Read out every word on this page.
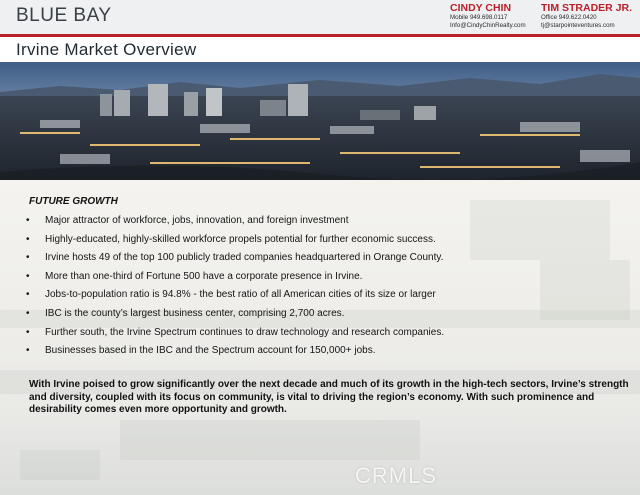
BLUE BAY	CINDY CHIN
Mobile 949.698.0117
Info@CindyChinRealty.com
TIM STRADER JR.
Office 949.622.0420
tj@starpointeventures.com
Irvine Market Overview
FUTURE GROWTH
• Major attractor of workforce, jobs, innovation, and foreign investment
• Highly-educated, highly-skilled workforce propels potential for further economic success.
• Irvine hosts 49 of the top 100 publicly traded companies headquartered in Orange County.
• More than one-third of Fortune 500 have a corporate presence in Irvine.
• Jobs-to-population ratio is 94.8% - the best ratio of all American cities of its size or larger
• IBC is the county’s largest business center, comprising 2,700 acres.
• Further south, the Irvine Spectrum continues to draw technology and research companies.
• Businesses based in the IBC and the Spectrum account for 150,000+ jobs.

With Irvine poised to grow significantly over the next decade and much of its growth in the high-tech sectors, Irvine’s strength and diversity, coupled with its focus on community, is vital to driving the region’s economy. With such prominence and desirability comes even more opportunity and growth.

CRMLS
